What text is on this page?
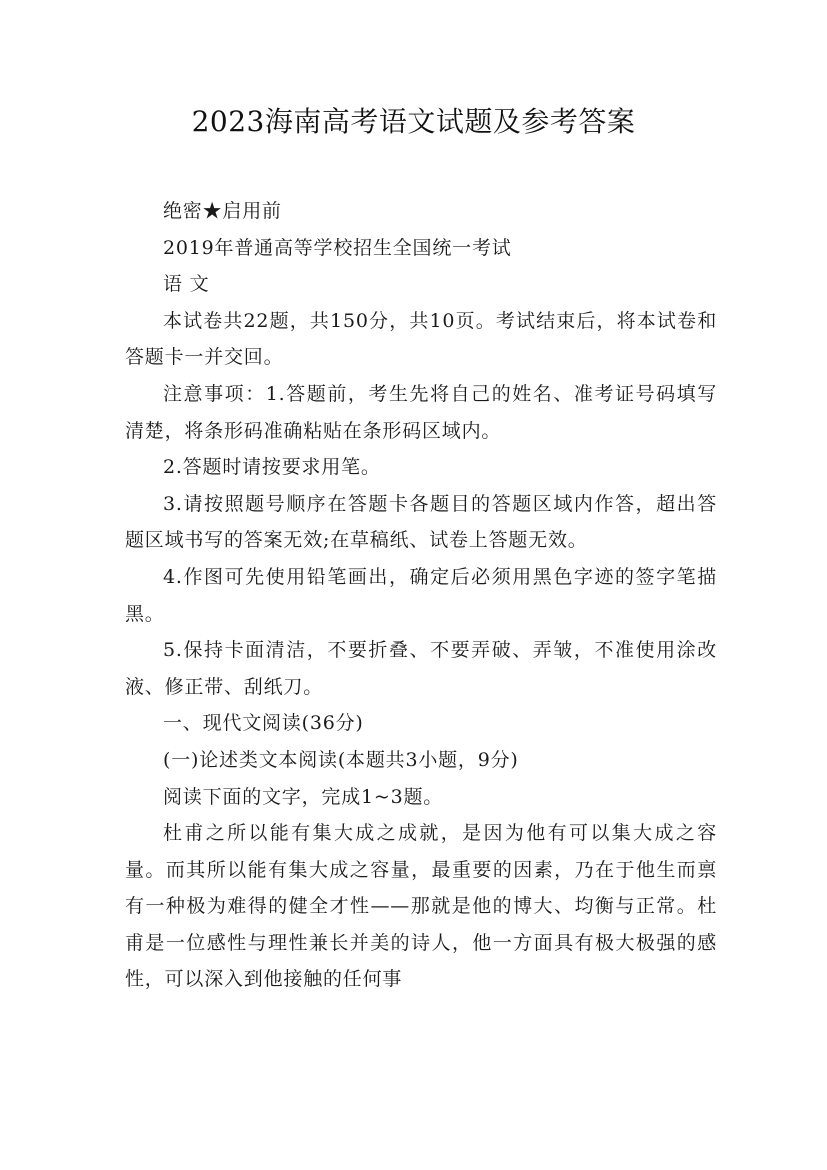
2023海南高考语文试题及参考答案

绝密★启用前

2019年普通高等学校招生全国统一考试

语 文

本试卷共22题，共150分，共10页。考试结束后，将本试卷和答题卡一并交回。

注意事项：1.答题前，考生先将自己的姓名、准考证号码填写清楚，将条形码准确粘贴在条形码区域内。

2.答题时请按要求用笔。

3.请按照题号顺序在答题卡各题目的答题区域内作答，超出答题区域书写的答案无效;在草稿纸、试卷上答题无效。

4.作图可先使用铅笔画出，确定后必须用黑色字迹的签字笔描黑。

5.保持卡面清洁，不要折叠、不要弄破、弄皱，不准使用涂改液、修正带、刮纸刀。

一、现代文阅读(36分)

(一)论述类文本阅读(本题共3小题，9分)

阅读下面的文字，完成1~3题。

杜甫之所以能有集大成之成就，是因为他有可以集大成之容量。而其所以能有集大成之容量，最重要的因素，乃在于他生而禀有一种极为难得的健全才性——那就是他的博大、均衡与正常。杜甫是一位感性与理性兼长并美的诗人，他一方面具有极大极强的感性，可以深入到他接触的任何事
